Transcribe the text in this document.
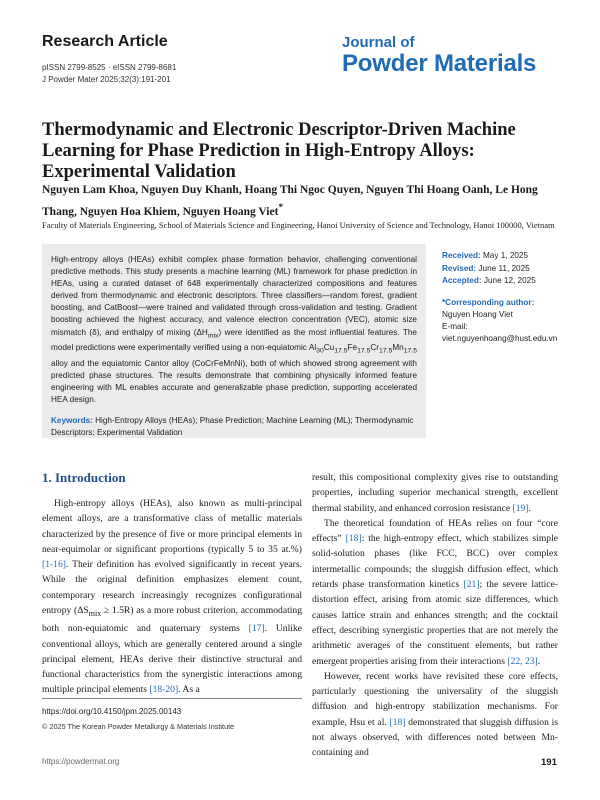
Research Article
pISSN 2799-8525 · eISSN 2799-8681
J Powder Mater 2025;32(3):191-201
Journal of
Powder Materials
Thermodynamic and Electronic Descriptor-Driven Machine Learning for Phase Prediction in High-Entropy Alloys: Experimental Validation
Nguyen Lam Khoa, Nguyen Duy Khanh, Hoang Thi Ngoc Quyen, Nguyen Thi Hoang Oanh, Le Hong Thang, Nguyen Hoa Khiem, Nguyen Hoang Viet*
Faculty of Materials Engineering, School of Materials Science and Engineering, Hanoi University of Science and Technology, Hanoi 100000, Vietnam
High-entropy alloys (HEAs) exhibit complex phase formation behavior, challenging conventional predictive methods. This study presents a machine learning (ML) framework for phase prediction in HEAs, using a curated dataset of 648 experimentally characterized compositions and features derived from thermodynamic and electronic descriptors. Three classifiers—random forest, gradient boosting, and CatBoost—were trained and validated through cross-validation and testing. Gradient boosting achieved the highest accuracy, and valence electron concentration (VEC), atomic size mismatch (δ), and enthalpy of mixing $(\Delta H_{mix})$ were identified as the most influential features. The model predictions were experimentally verified using a non-equiatomic $Al_{30}Cu_{17.5}Fe_{17.5}Cr_{17.5}Mn_{17.5}$ alloy and the equiatomic Cantor alloy (CoCrFeMnNi), both of which showed strong agreement with predicted phase structures. The results demonstrate that combining physically informed feature engineering with ML enables accurate and generalizable phase prediction, supporting accelerated HEA design.
Keywords: High-Entropy Alloys (HEAs); Phase Prediction; Machine Learning (ML); Thermodynamic Descriptors; Experimental Validation
Received: May 1, 2025
Revised: June 11, 2025
Accepted: June 12, 2025
*Corresponding author:
Nguyen Hoang Viet
E-mail: viet.nguyenhoang@hust.edu.vn
1. Introduction

High-entropy alloys (HEAs), also known as multi-principal element alloys, are a transformative class of metallic materials characterized by the presence of five or more principal elements in near-equimolar or significant proportions (typically 5 to 35 at.%) [1-16]. Their definition has evolved significantly in recent years. While the original definition emphasizes element count, contemporary research increasingly recognizes configurational entropy $(\Delta S_{mix} \ge 1.5R)$ as a more robust criterion, accommodating both non-equiatomic and quaternary systems [17]. Unlike conventional alloys, which are generally centered around a single principal element, HEAs derive their distinctive structural and functional characteristics from the synergistic interactions among multiple principal elements [18-20]. As a

result, this compositional complexity gives rise to outstanding properties, including superior mechanical strength, excellent thermal stability, and enhanced corrosion resistance [19].

The theoretical foundation of HEAs relies on four “core effects” [18]: the high-entropy effect, which stabilizes simple solid-solution phases (like FCC, BCC) over complex intermetallic compounds; the sluggish diffusion effect, which retards phase transformation kinetics [21]; the severe lattice-distortion effect, arising from atomic size differences, which causes lattice strain and enhances strength; and the cocktail effect, describing synergistic properties that are not merely the arithmetic averages of the constituent elements, but rather emergent properties arising from their interactions [22, 23].

However, recent works have revisited these core effects, particularly questioning the universality of the sluggish diffusion and high-entropy stabilization mechanisms. For example, Hsu et al. [18] demonstrated that sluggish diffusion is not always observed, with differences noted between Mn-containing and

https://doi.org/10.4150/jpm.2025.00143
© 2025 The Korean Powder Metallurgy & Materials Institute
https://powdermat.org	191
